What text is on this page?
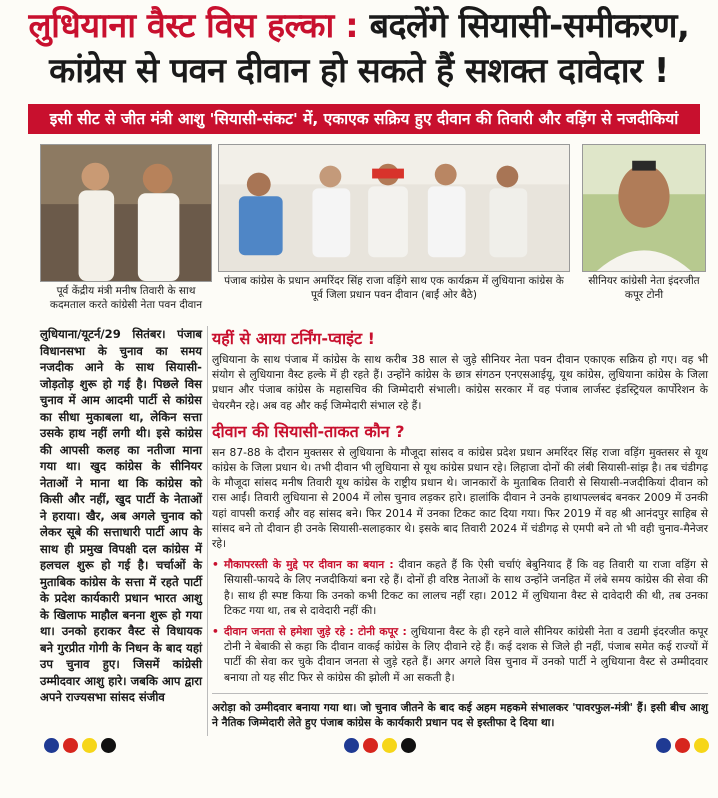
लुधियाना वैस्ट विस हल्का : बदलेंगे सियासी-समीकरण,
कांग्रेस से पवन दीवान हो सकते हैं सशक्त दावेदार !
इसी सीट से जीत मंत्री आशु 'सियासी-संकट' में, एकाएक सक्रिय हुए दीवान की तिवारी और वड़िंग से नजदीकियां
पूर्व केंद्रीय मंत्री मनीष तिवारी के साथ कदमताल करते कांग्रेसी नेता पवन दीवान
पंजाब कांग्रेस के प्रधान अमरिंदर सिंह राजा वड़िंगे साथ एक कार्यक्रम में लुधियाना कांग्रेस के पूर्व जिला प्रधान पवन दीवान (बाईं ओर बैठे)
सीनियर कांग्रेसी नेता इंदरजीत कपूर टोनी
लुधियाना/यूटर्न/29 सितंबर। पंजाब विधानसभा के चुनाव का समय नजदीक आने के साथ सियासी-जोड़तोड़ शुरू हो गई है। पिछले विस चुनाव में आम आदमी पार्टी से कांग्रेस का सीधा मुकाबला था, लेकिन सत्ता उसके हाथ नहीं लगी थी। इसे कांग्रेस की आपसी कलह का नतीजा माना गया था। खुद कांग्रेस के सीनियर नेताओं ने माना था कि कांग्रेस को किसी और नहीं, खुद पार्टी के नेताओं ने हराया। खैर, अब अगले चुनाव को लेकर सूबे की सत्ताधारी पार्टी आप के साथ ही प्रमुख विपक्षी दल कांग्रेस में हलचल शुरू हो गई है। चर्चाओं के मुताबिक कांग्रेस के सत्ता में रहते पार्टी के प्रदेश कार्यकारी प्रधान भारत आशु के खिलाफ माहौल बनना शुरू हो गया था। उनको हराकर वैस्ट से विधायक बने गुरप्रीत गोगी के निधन के बाद यहां उप चुनाव हुए। जिसमें कांग्रेसी उम्मीदवार आशु हारे। जबकि आप द्वारा अपने राज्यसभा सांसद संजीव
यहीं से आया टर्निंग-प्वाइंट !
लुधियाना के साथ पंजाब में कांग्रेस के साथ करीब 38 साल से जुड़े सीनियर नेता पवन दीवान एकाएक सक्रिय हो गए। वह भी संयोग से लुधियाना वैस्ट हल्के में ही रहते हैं। उन्होंने कांग्रेस के छात्र संगठन एनएसआईयू, यूथ कांग्रेस, लुधियाना कांग्रेस के जिला प्रधान और पंजाब कांग्रेस के महासचिव की जिम्मेदारी संभाली। कांग्रेस सरकार में वह पंजाब लार्जस्ट इंडस्ट्रियल कार्पोरेशन के चेयरमैन रहे। अब वह और कई जिम्मेदारी संभाल रहे हैं।
दीवान की सियासी-ताकत कौन ?
सन 87-88 के दौरान मुक्तसर से लुधियाना के मौजूदा सांसद व कांग्रेस प्रदेश प्रधान अमरिंदर सिंह राजा वड़िंग मुक्तसर से यूथ कांग्रेस के जिला प्रधान थे। तभी दीवान भी लुधियाना से यूथ कांग्रेस प्रधान रहे। लिहाजा दोनों की लंबी सियासी-सांझ है। तब चंडीगढ़ के मौजूदा सांसद मनीष तिवारी यूथ कांग्रेस के राष्ट्रीय प्रधान थे। जानकारों के मुताबिक तिवारी से सियासी-नजदीकियां दीवान को रास आईं। तिवारी लुधियाना से 2004 में लोस चुनाव लड़कर हारे। हालांकि दीवान ने उनके हाथापल्लबंद बनकर 2009 में उनकी यहां वापसी कराई और वह सांसद बने। फिर 2014 में उनका टिकट काट दिया गया। फिर 2019 में वह श्री आनंदपुर साहिब से सांसद बने तो दीवान ही उनके सियासी-सलाहकार थे। इसके बाद तिवारी 2024 में चंडीगढ़ से एमपी बने तो भी वही चुनाव-मैनेजर रहे।
• मौकापरस्ती के मुद्दे पर दीवान का बयान : दीवान कहते हैं कि ऐसी चर्चाएं बेबुनियाद हैं कि वह तिवारी या राजा वड़िंग से सियासी-फायदे के लिए नजदीकियां बना रहे हैं। दोनों ही वरिष्ठ नेताओं के साथ उन्होंने जनहित में लंबे समय कांग्रेस की सेवा की है। साथ ही स्पष्ट किया कि उनको कभी टिकट का लालच नहीं रहा। 2012 में लुधियाना वैस्ट से दावेदारी की थी, तब उनका टिकट गया था, तब से दावेदारी नहीं की।
• दीवान जनता से हमेशा जुड़े रहे : टोनी कपूर : लुधियाना वैस्ट के ही रहने वाले सीनियर कांग्रेसी नेता व उद्यमी इंदरजीत कपूर टोनी ने बेबाकी से कहा कि दीवान वाकई कांग्रेस के लिए दीवाने रहे हैं। कई दशक से जिले ही नहीं, पंजाब समेत कई राज्यों में पार्टी की सेवा कर चुके दीवान जनता से जुड़े रहते हैं। अगर अगले विस चुनाव में उनको पार्टी ने लुधियाना वैस्ट से उम्मीदवार बनाया तो यह सीट फिर से कांग्रेस की झोली में आ सकती है।
अरोड़ा को उम्मीदवार बनाया गया था। जो चुनाव जीतने के बाद कई अहम महकमे संभालकर 'पावरफुल-मंत्री' हैं। इसी बीच आशु ने नैतिक जिम्मेदारी लेते हुए पंजाब कांग्रेस के कार्यकारी प्रधान पद से इस्तीफा दे दिया था।
